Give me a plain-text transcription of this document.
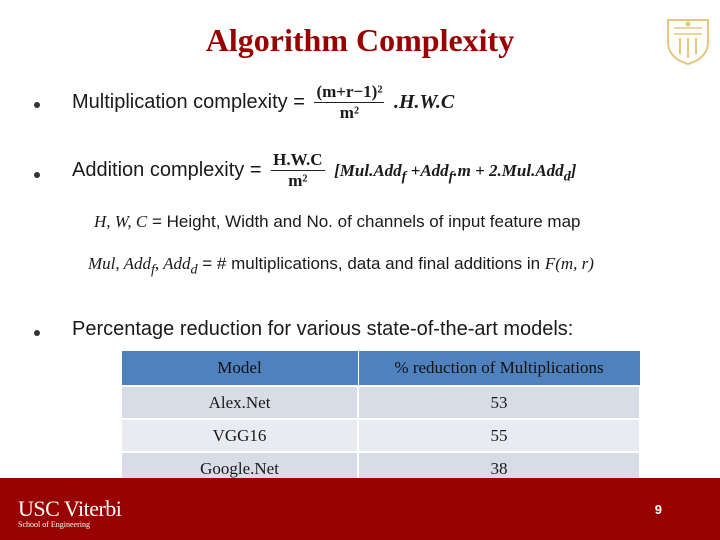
Algorithm Complexity
Multiplication complexity = $\frac{\text{(m+r−1)²}}{\text{m²}} .H.W.C$
Addition complexity = $\frac{H.W.C}{\text{m²}} [Mul.Add_f +Add_f.m + 2.Mul.Add_d]$
H, W, C = Height, Width and No. of channels of input feature map
Mul, Add$_f$, Add$_d$ = # multiplications, data and final additions in F(m, r)
Percentage reduction for various state-of-the-art models:
Model	% reduction of Multiplications
Alex.Net	53
VGG16	55
Google.Net	38
USC Viterbi
School of Engineering
9
